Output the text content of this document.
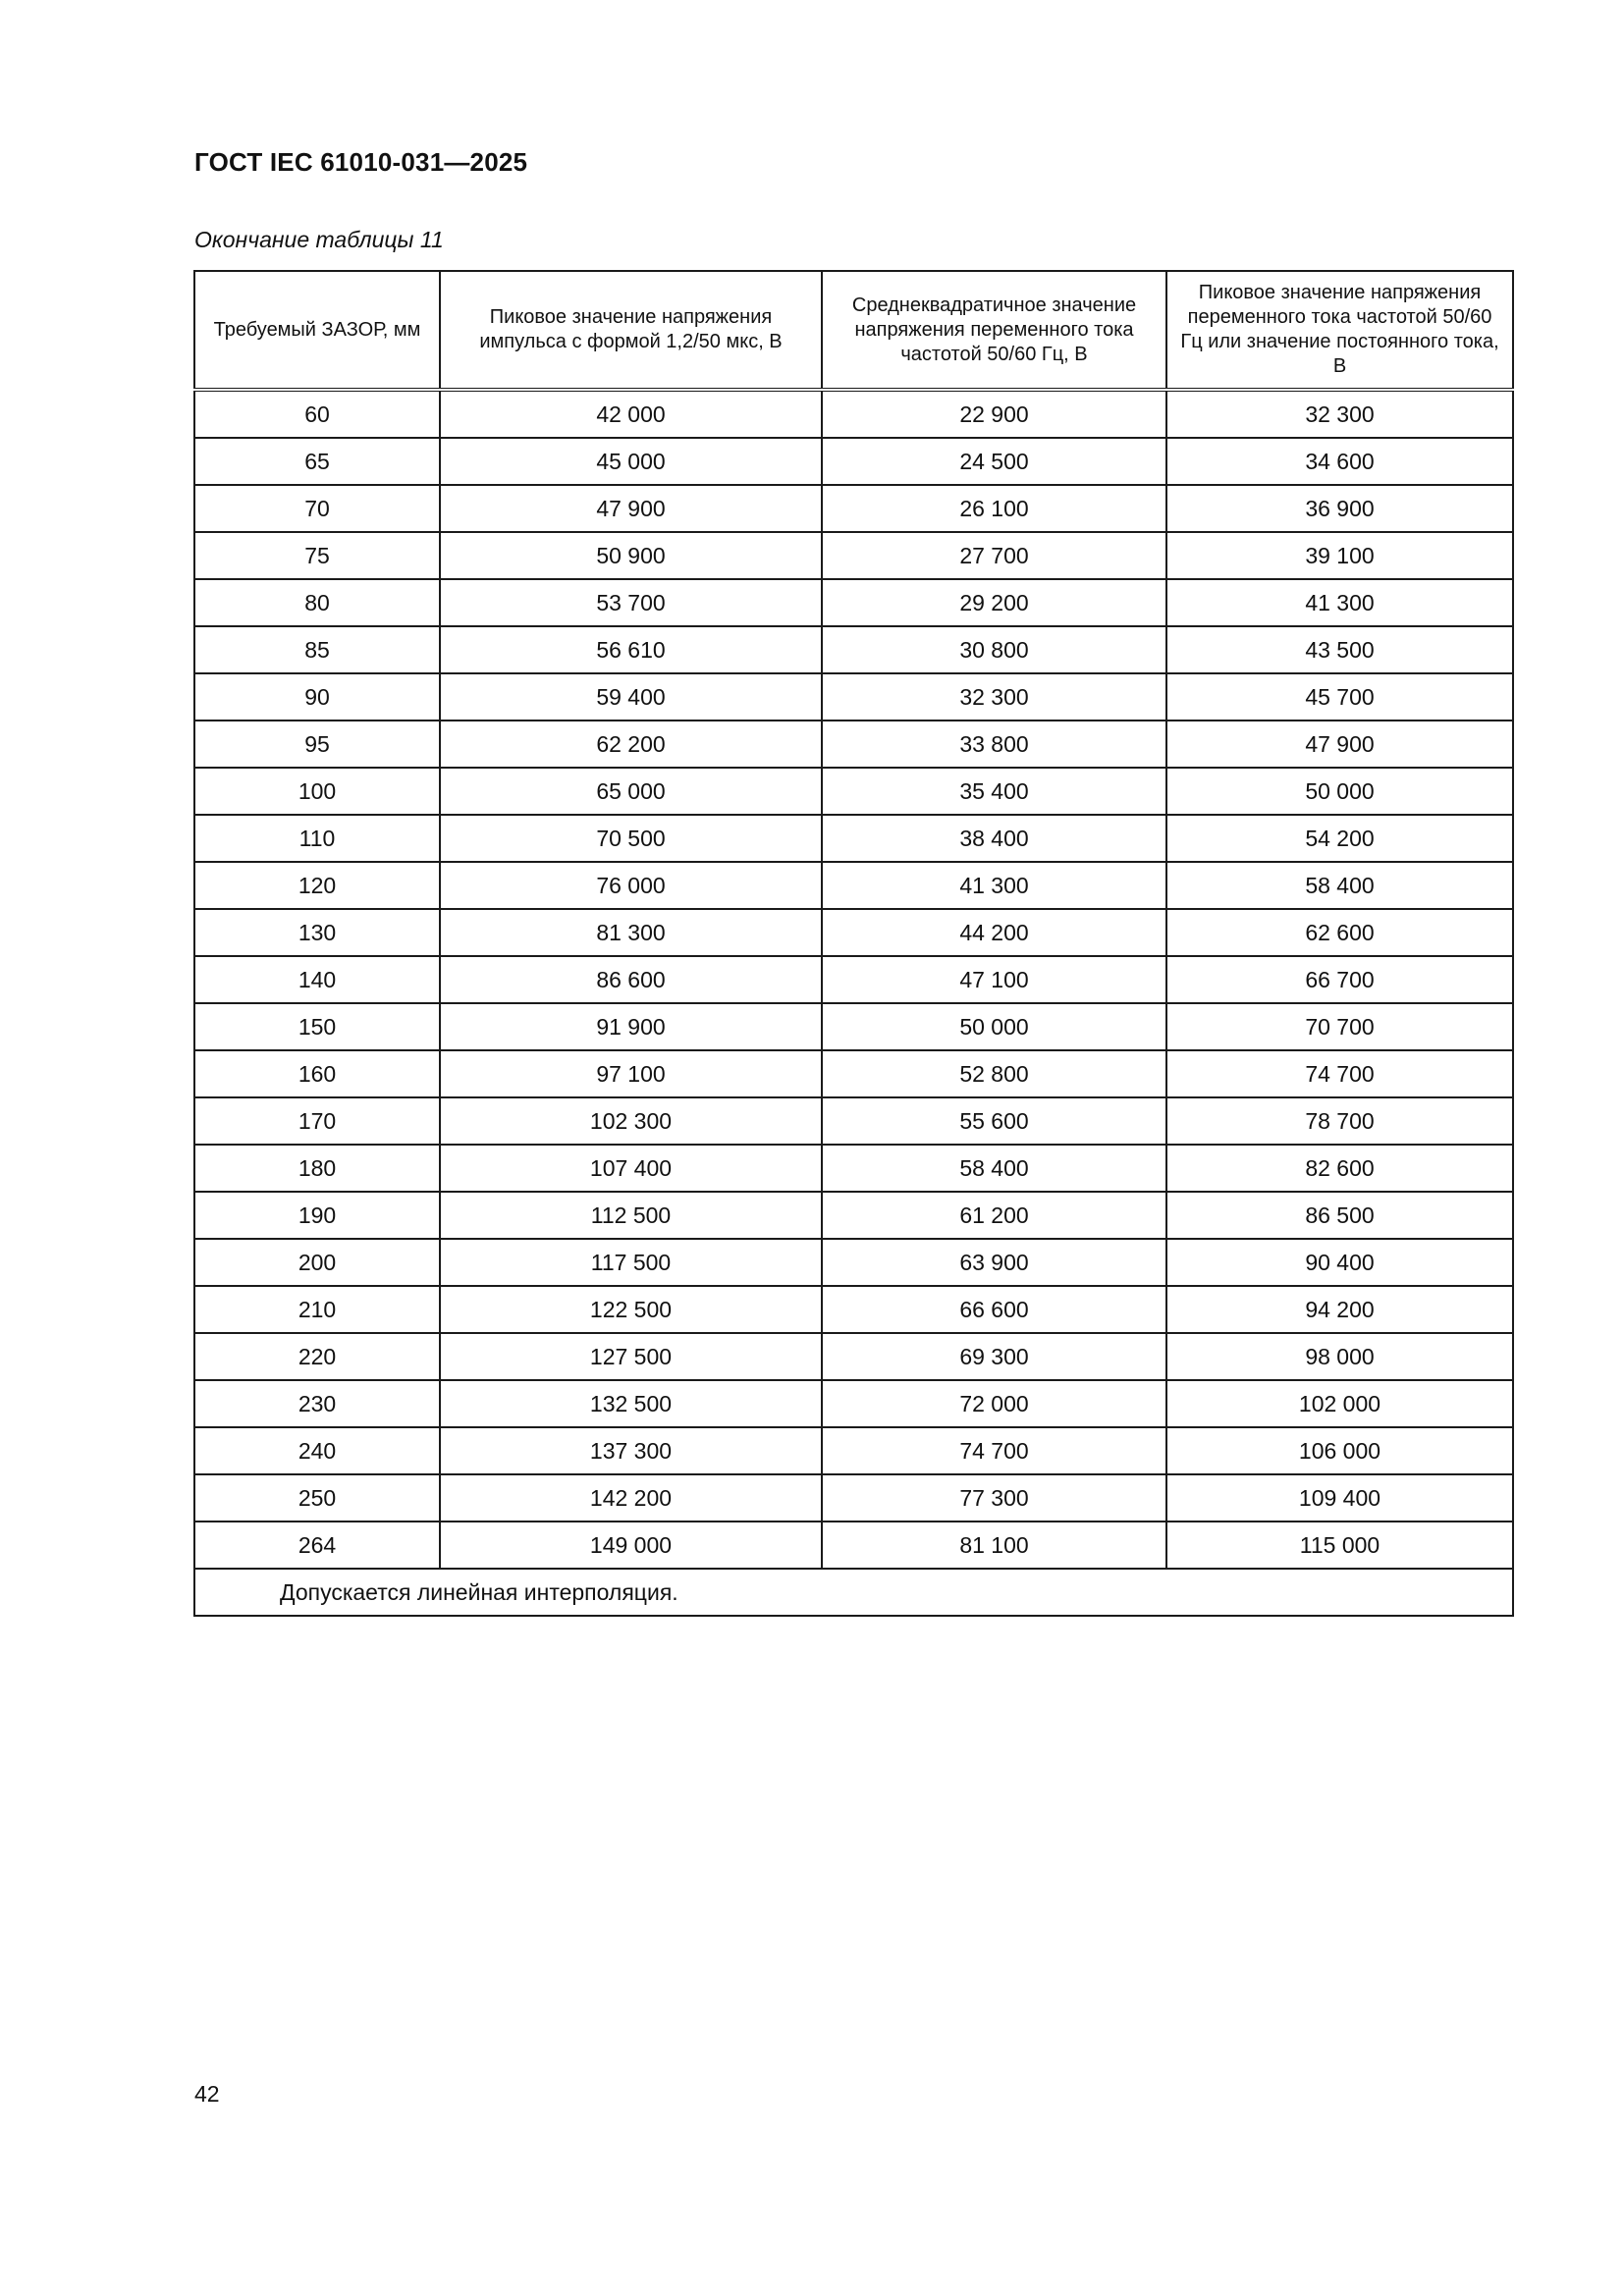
ГОСТ IEC 61010-031—2025
Окончание таблицы 11
Требуемый ЗАЗОР, мм	Пиковое значение напряжения импульса с формой 1,2/50 мкс, В	Среднеквадратичное значение напряжения переменного тока частотой 50/60 Гц, В	Пиковое значение напряжения переменного тока частотой 50/60 Гц или значение постоянного тока, В
60	42 000	22 900	32 300
65	45 000	24 500	34 600
70	47 900	26 100	36 900
75	50 900	27 700	39 100
80	53 700	29 200	41 300
85	56 610	30 800	43 500
90	59 400	32 300	45 700
95	62 200	33 800	47 900
100	65 000	35 400	50 000
110	70 500	38 400	54 200
120	76 000	41 300	58 400
130	81 300	44 200	62 600
140	86 600	47 100	66 700
150	91 900	50 000	70 700
160	97 100	52 800	74 700
170	102 300	55 600	78 700
180	107 400	58 400	82 600
190	112 500	61 200	86 500
200	117 500	63 900	90 400
210	122 500	66 600	94 200
220	127 500	69 300	98 000
230	132 500	72 000	102 000
240	137 300	74 700	106 000
250	142 200	77 300	109 400
264	149 000	81 100	115 000
Допускается линейная интерполяция.			
42
